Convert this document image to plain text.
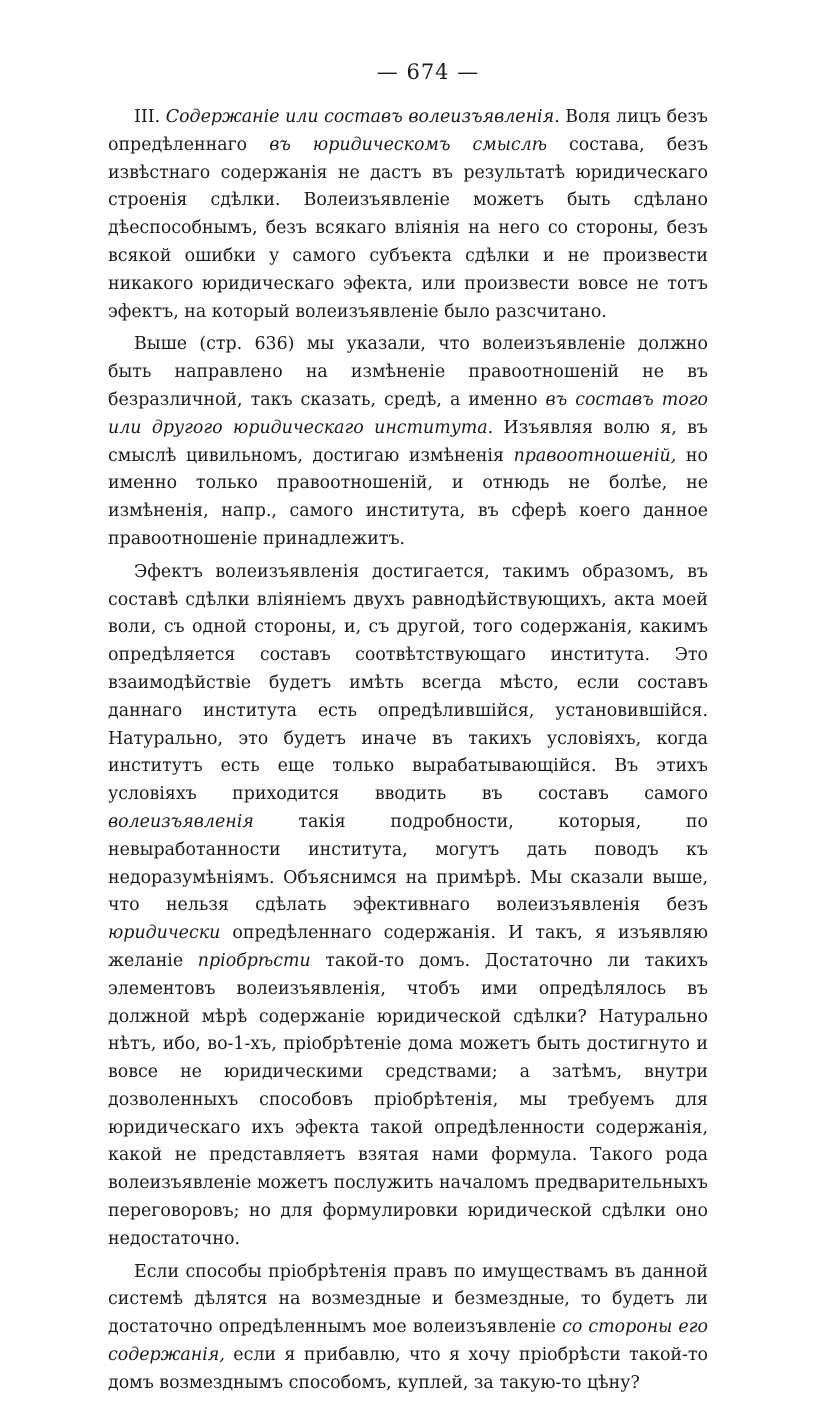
— 674 —

III. Содержаніе или составъ волеизъявленія. Воля лицъ безъ опредѣленнаго въ юридическомъ смыслѣ состава, безъ извѣстнаго содержанія не дастъ въ результатѣ юридическаго строенія сдѣлки. Волеизъявленіе можетъ быть сдѣлано дѣеспособнымъ, безъ всякаго вліянія на него со стороны, безъ всякой ошибки у самого субъекта сдѣлки и не произвести никакого юридическаго эфекта, или произвести вовсе не тотъ эфектъ, на который волеизъявленіе было разсчитано.

Выше (стр. 636) мы указали, что волеизъявленіе должно быть направлено на измѣненіе правоотношеній не въ безразличной, такъ сказать, средѣ, а именно въ составъ того или другого юридическаго института. Изъявляя волю я, въ смыслѣ цивильномъ, достигаю измѣненія правоотношеній, но именно только правоотношеній, и отнюдь не болѣе, не измѣненія, напр., самого института, въ сферѣ коего данное правоотношеніе принадлежитъ.

Эфектъ волеизъявленія достигается, такимъ образомъ, въ составѣ сдѣлки вліяніемъ двухъ равнодѣйствующихъ, акта моей воли, съ одной стороны, и, съ другой, того содержанія, какимъ опредѣляется составъ соотвѣтствующаго института. Это взаимодѣйствіе будетъ имѣть всегда мѣсто, если составъ даннаго института есть опредѣлившійся, установившійся. Натурально, это будетъ иначе въ такихъ условіяхъ, когда институтъ есть еще только вырабатывающійся. Въ этихъ условіяхъ приходится вводить въ составъ самого волеизъявленія такія подробности, которыя, по невыработанности института, могутъ дать поводъ къ недоразумѣніямъ. Объяснимся на примѣрѣ. Мы сказали выше, что нельзя сдѣлать эфективнаго волеизъявленія безъ юридически опредѣленнаго содержанія. И такъ, я изъявляю желаніе пріобрѣсти такой-то домъ. Достаточно ли такихъ элементовъ волеизъявленія, чтобъ ими опредѣлялось въ должной мѣрѣ содержаніе юридической сдѣлки? Натурально нѣтъ, ибо, во-1-хъ, пріобрѣтеніе дома можетъ быть достигнуто и вовсе не юридическими средствами; а затѣмъ, внутри дозволенныхъ способовъ пріобрѣтенія, мы требуемъ для юридическаго ихъ эфекта такой опредѣленности содержанія, какой не представляетъ взятая нами формула. Такого рода волеизъявленіе можетъ послужить началомъ предварительныхъ переговоровъ; но для формулировки юридической сдѣлки оно недостаточно.

Если способы пріобрѣтенія правъ по имуществамъ въ данной системѣ дѣлятся на возмездные и безмездные, то будетъ ли достаточно опредѣленнымъ мое волеизъявленіе со стороны его содержанія, если я прибавлю, что я хочу пріобрѣсти такой-то домъ возмезднымъ способомъ, куплей, за такую-то цѣну?
